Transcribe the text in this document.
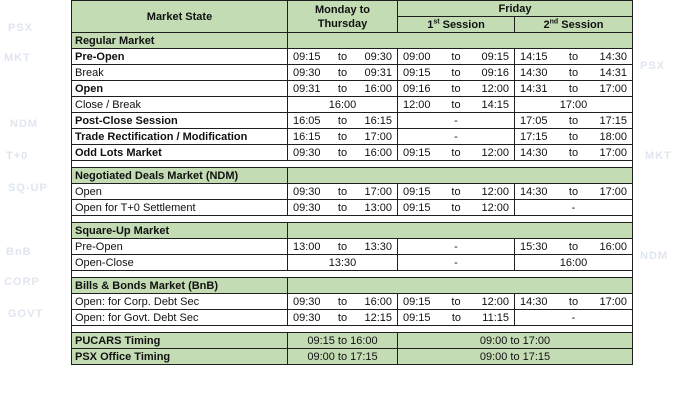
PSX
MKT
NDM
T+0
SQ-UP
BnB
CORP
GOVT
PSX
MKT
NDM
Market State	Monday to Thursday	Friday	
		1st Session	2nd Session
Regular Market			
Pre-Open	09:15 to 09:30	09:00 to 09:15	14:15 to 14:30

Break	09:30 to 09:31	09:15 to 09:16	14:30 to 14:31

Open	09:31 to 16:00	09:16 to 12:00	14:31 to 17:00

Close / Break	16:00	12:00 to 14:15	17:00
Post-Close Session	16:05 to 16:15	-	17:05 to 17:15

Trade Rectification / Modification	16:15 to 17:00	-	17:15 to 18:00

Odd Lots Market	09:30 to 16:00	09:15 to 12:00	14:30 to 17:00

Negotiated Deals Market (NDM)			
Open	09:30 to 17:00	09:15 to 12:00	14:30 to 17:00

Open for T+0 Settlement	09:30 to 13:00	09:15 to 12:00	-

Square-Up Market			
Pre-Open	13:00 to 13:30	-	15:30 to 16:00

Open-Close	13:30	-	16:00

Bills & Bonds Market (BnB)			
Open: for Corp. Debt Sec	09:30 to 16:00	09:15 to 12:00	14:30 to 17:00

Open: for Govt. Debt Sec	09:30 to 12:15	09:15 to 11:15	-

PUCARS Timing	09:15 to 16:00	09:00 to 17:00	
PSX Office Timing	09:00 to 17:15	09:00 to 17:15	
